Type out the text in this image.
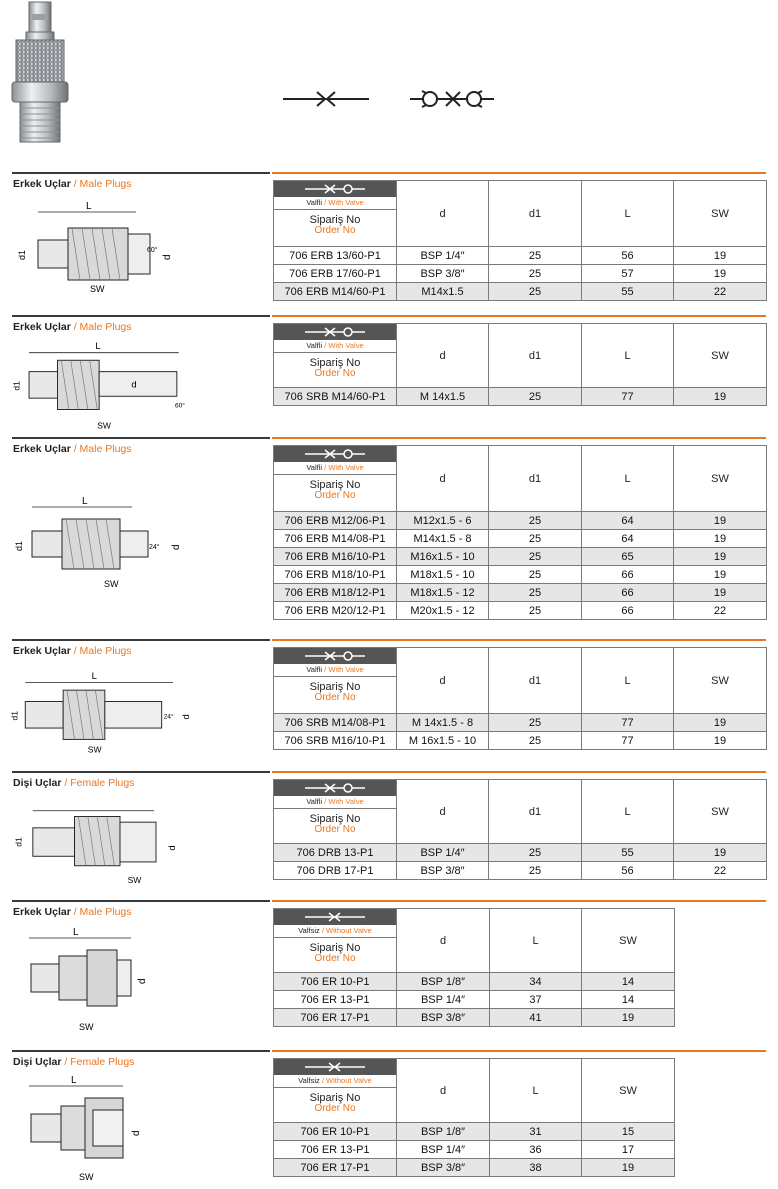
Erkek Uçlar / Male Plugs
L
d1	d
60°
SW
Valfli / With Valve
Sipariş No
Order No	d	d1	L	SW
706 ERB 13/60-P1	BSP 1/4″	25	56	19
706 ERB 17/60-P1	BSP 3/8″	25	57	19
706 ERB M14/60-P1	M14x1.5	25	55	22
Erkek Uçlar / Male Plugs
L
d1	d
60°
SW
Valfli / With Valve
Sipariş No
Order No	d	d1	L	SW
706 SRB M14/60-P1	M 14x1.5	25	77	19
Erkek Uçlar / Male Plugs
L
d1	d
24°
SW
Valfli / With Valve
Sipariş No
Order No	d	d1	L	SW
706 ERB M12/06-P1	M12x1.5 - 6	25	64	19
706 ERB M14/08-P1	M14x1.5 - 8	25	64	19
706 ERB M16/10-P1	M16x1.5 - 10	25	65	19
706 ERB M18/10-P1	M18x1.5 - 10	25	66	19
706 ERB M18/12-P1	M18x1.5 - 12	25	66	19
706 ERB M20/12-P1	M20x1.5 - 12	25	66	22
Erkek Uçlar / Male Plugs
L
d1	d
24°
SW
Valfli / With Valve
Sipariş No
Order No	d	d1	L	SW
706 SRB M14/08-P1	M 14x1.5 - 8	25	77	19
706 SRB M16/10-P1	M 16x1.5 - 10	25	77	19
Dişi Uçlar / Female Plugs
d1
d
SW
Valfli / With Valve
Sipariş No
Order No	d	d1	L	SW
706 DRB 13-P1	BSP 1/4″	25	55	19
706 DRB 17-P1	BSP 3/8″	25	56	22
Erkek Uçlar / Male Plugs
L
d
SW
Valfsiz / Without Valve
Sipariş No
Order No	d	L	SW
706 ER 10-P1	BSP 1/8″	34	14
706 ER 13-P1	BSP 1/4″	37	14
706 ER 17-P1	BSP 3/8″	41	19
Dişi Uçlar / Female Plugs
L
d
SW
Valfsiz / Without Valve
Sipariş No
Order No	d	L	SW
706 ER 10-P1	BSP 1/8″	31	15
706 ER 13-P1	BSP 1/4″	36	17
706 ER 17-P1	BSP 3/8″	38	19
